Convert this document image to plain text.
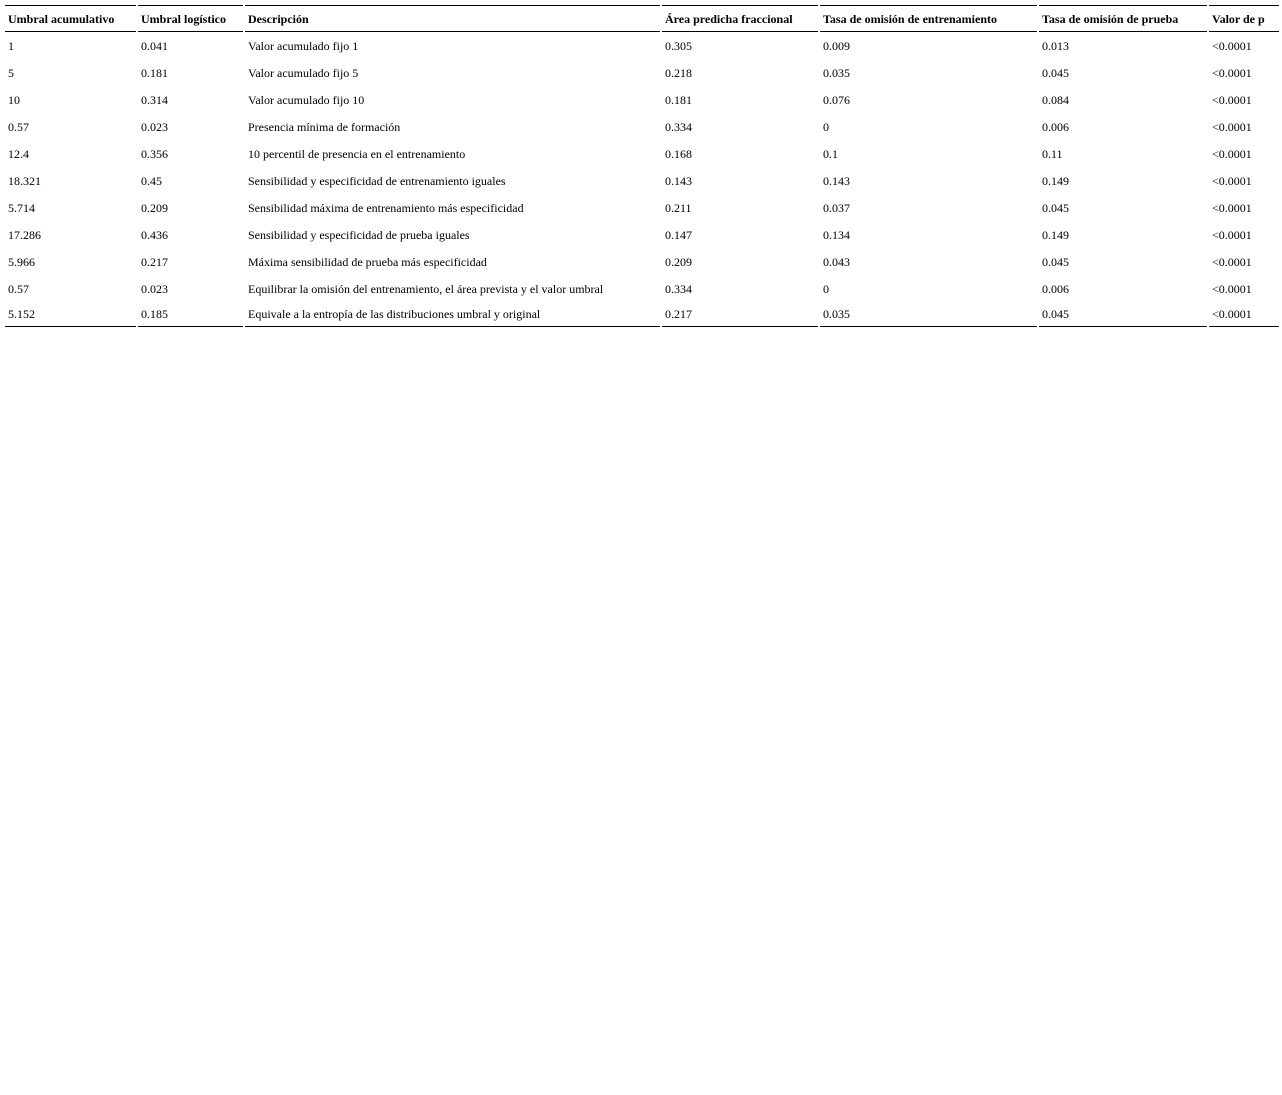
Umbral acumulativo	Umbral logístico	Descripción	Área predicha fraccional	Tasa de omisión de entrenamiento	Tasa de omisión de prueba	Valor de p
1	0.041	Valor acumulado fijo 1	0.305	0.009	0.013	<0.0001
5	0.181	Valor acumulado fijo 5	0.218	0.035	0.045	<0.0001
10	0.314	Valor acumulado fijo 10	0.181	0.076	0.084	<0.0001
0.57	0.023	Presencia mínima de formación	0.334	0	0.006	<0.0001
12.4	0.356	10 percentil de presencia en el entrenamiento	0.168	0.1	0.11	<0.0001
18.321	0.45	Sensibilidad y especificidad de entrenamiento iguales	0.143	0.143	0.149	<0.0001
5.714	0.209	Sensibilidad máxima de entrenamiento más especificidad	0.211	0.037	0.045	<0.0001
17.286	0.436	Sensibilidad y especificidad de prueba iguales	0.147	0.134	0.149	<0.0001
5.966	0.217	Máxima sensibilidad de prueba más especificidad	0.209	0.043	0.045	<0.0001
0.57	0.023	Equilibrar la omisión del entrenamiento, el área prevista y el valor umbral	0.334	0	0.006	<0.0001
5.152	0.185	Equivale a la entropía de las distribuciones umbral y original	0.217	0.035	0.045	<0.0001
